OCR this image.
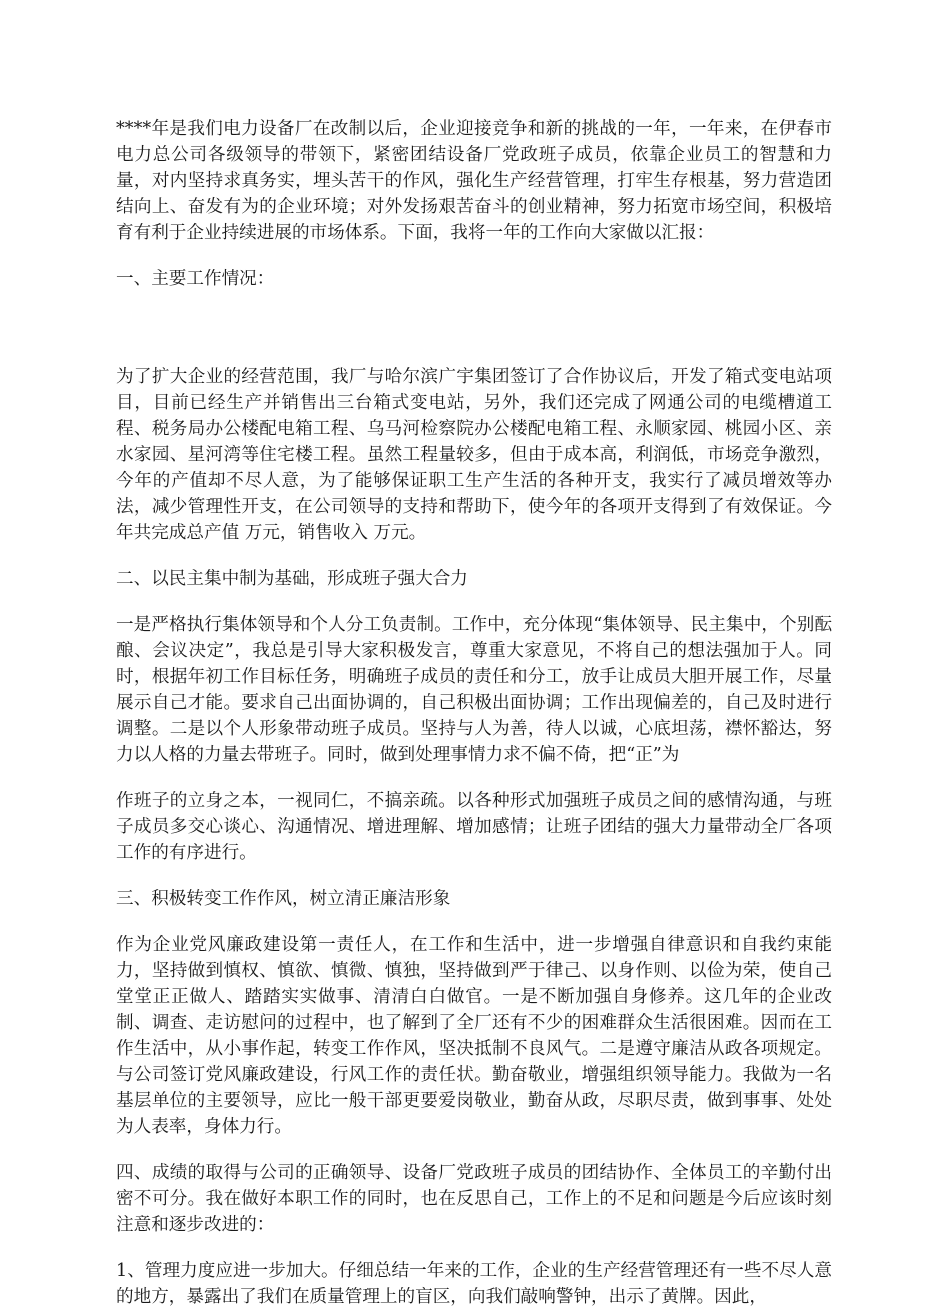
****年是我们电力设备厂在改制以后，企业迎接竞争和新的挑战的一年，一年来，在伊春市电力总公司各级领导的带领下，紧密团结设备厂党政班子成员，依靠企业员工的智慧和力量，对内坚持求真务实，埋头苦干的作风，强化生产经营管理，打牢生存根基，努力营造团结向上、奋发有为的企业环境；对外发扬艰苦奋斗的创业精神，努力拓宽市场空间，积极培育有利于企业持续进展的市场体系。下面，我将一年的工作向大家做以汇报：

一、主要工作情况：

为了扩大企业的经营范围，我厂与哈尔滨广宇集团签订了合作协议后，开发了箱式变电站项目，目前已经生产并销售出三台箱式变电站，另外，我们还完成了网通公司的电缆槽道工程、税务局办公楼配电箱工程、乌马河检察院办公楼配电箱工程、永顺家园、桃园小区、亲水家园、星河湾等住宅楼工程。虽然工程量较多，但由于成本高，利润低，市场竞争激烈，今年的产值却不尽人意，为了能够保证职工生产生活的各种开支，我实行了减员增效等办法，减少管理性开支，在公司领导的支持和帮助下，使今年的各项开支得到了有效保证。今年共完成总产值 万元，销售收入 万元。

二、以民主集中制为基础，形成班子强大合力

一是严格执行集体领导和个人分工负责制。工作中，充分体现“集体领导、民主集中，个别酝酿、会议决定”，我总是引导大家积极发言，尊重大家意见，不将自己的想法强加于人。同时，根据年初工作目标任务，明确班子成员的责任和分工，放手让成员大胆开展工作，尽量展示自己才能。要求自己出面协调的，自己积极出面协调；工作出现偏差的，自己及时进行调整。二是以个人形象带动班子成员。坚持与人为善，待人以诚，心底坦荡，襟怀豁达，努力以人格的力量去带班子。同时，做到处理事情力求不偏不倚，把“正”为

作班子的立身之本，一视同仁，不搞亲疏。以各种形式加强班子成员之间的感情沟通，与班子成员多交心谈心、沟通情况、增进理解、增加感情；让班子团结的强大力量带动全厂各项工作的有序进行。

三、积极转变工作作风，树立清正廉洁形象

作为企业党风廉政建设第一责任人，在工作和生活中，进一步增强自律意识和自我约束能力，坚持做到慎权、慎欲、慎微、慎独，坚持做到严于律己、以身作则、以俭为荣，使自己堂堂正正做人、踏踏实实做事、清清白白做官。一是不断加强自身修养。这几年的企业改制、调查、走访慰问的过程中，也了解到了全厂还有不少的困难群众生活很困难。因而在工作生活中，从小事作起，转变工作作风，坚决抵制不良风气。二是遵守廉洁从政各项规定。与公司签订党风廉政建设，行风工作的责任状。勤奋敬业，增强组织领导能力。我做为一名基层单位的主要领导，应比一般干部更要爱岗敬业，勤奋从政，尽职尽责，做到事事、处处为人表率，身体力行。

四、成绩的取得与公司的正确领导、设备厂党政班子成员的团结协作、全体员工的辛勤付出密不可分。我在做好本职工作的同时，也在反思自己，工作上的不足和问题是今后应该时刻注意和逐步改进的：

1、管理力度应进一步加大。仔细总结一年来的工作，企业的生产经营管理还有一些不尽人意的地方，暴露出了我们在质量管理上的盲区，向我们敲响警钟，出示了黄牌。因此，
